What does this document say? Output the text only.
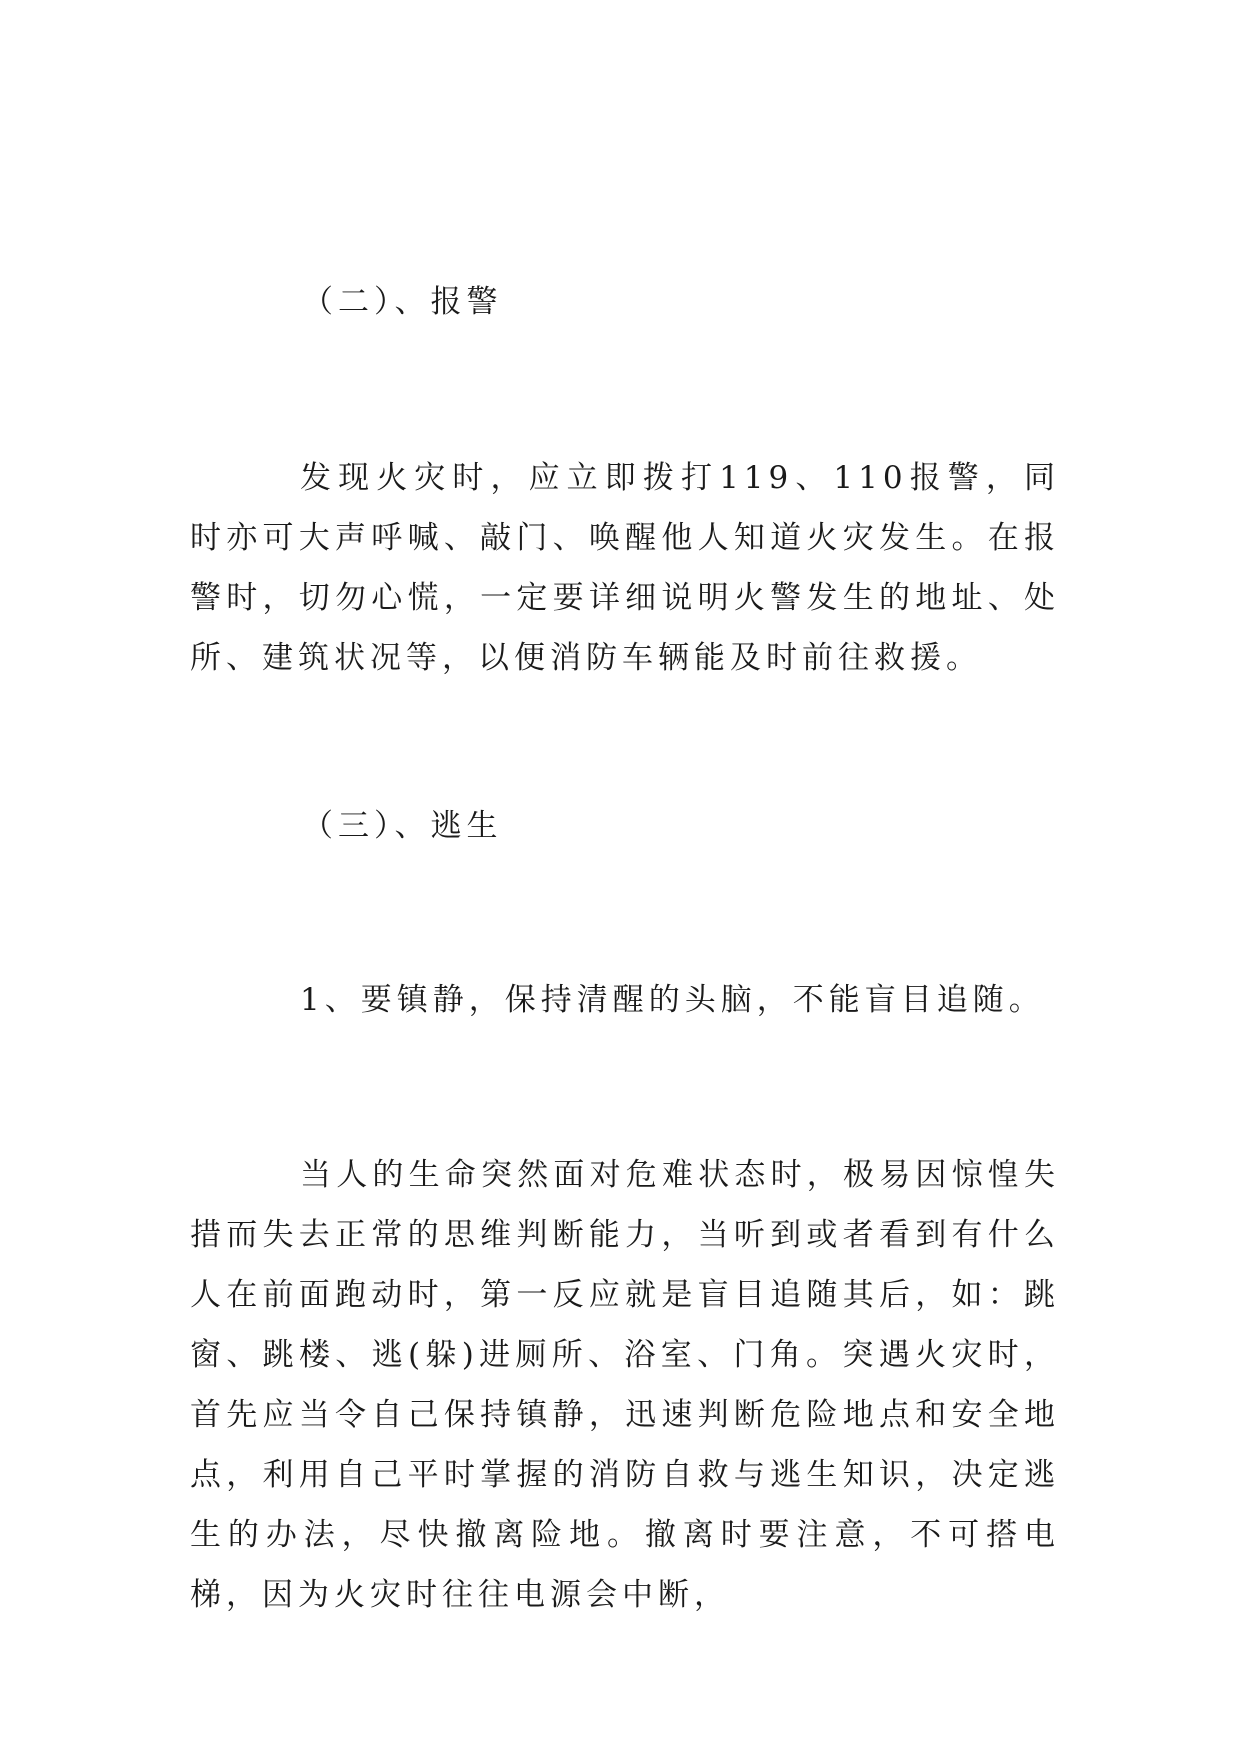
（二）、报警

发现火灾时，应立即拨打119、110报警，同时亦可大声呼喊、敲门、唤醒他人知道火灾发生。在报警时，切勿心慌，一定要详细说明火警发生的地址、处所、建筑状况等，以便消防车辆能及时前往救援。

（三）、逃生

1、要镇静，保持清醒的头脑，不能盲目追随。

当人的生命突然面对危难状态时，极易因惊惶失措而失去正常的思维判断能力，当听到或者看到有什么人在前面跑动时，第一反应就是盲目追随其后，如：跳窗、跳楼、逃(躲)进厕所、浴室、门角。突遇火灾时，首先应当令自己保持镇静，迅速判断危险地点和安全地点，利用自己平时掌握的消防自救与逃生知识，决定逃生的办法，尽快撤离险地。撤离时要注意，不可搭电梯，因为火灾时往往电源会中断，
